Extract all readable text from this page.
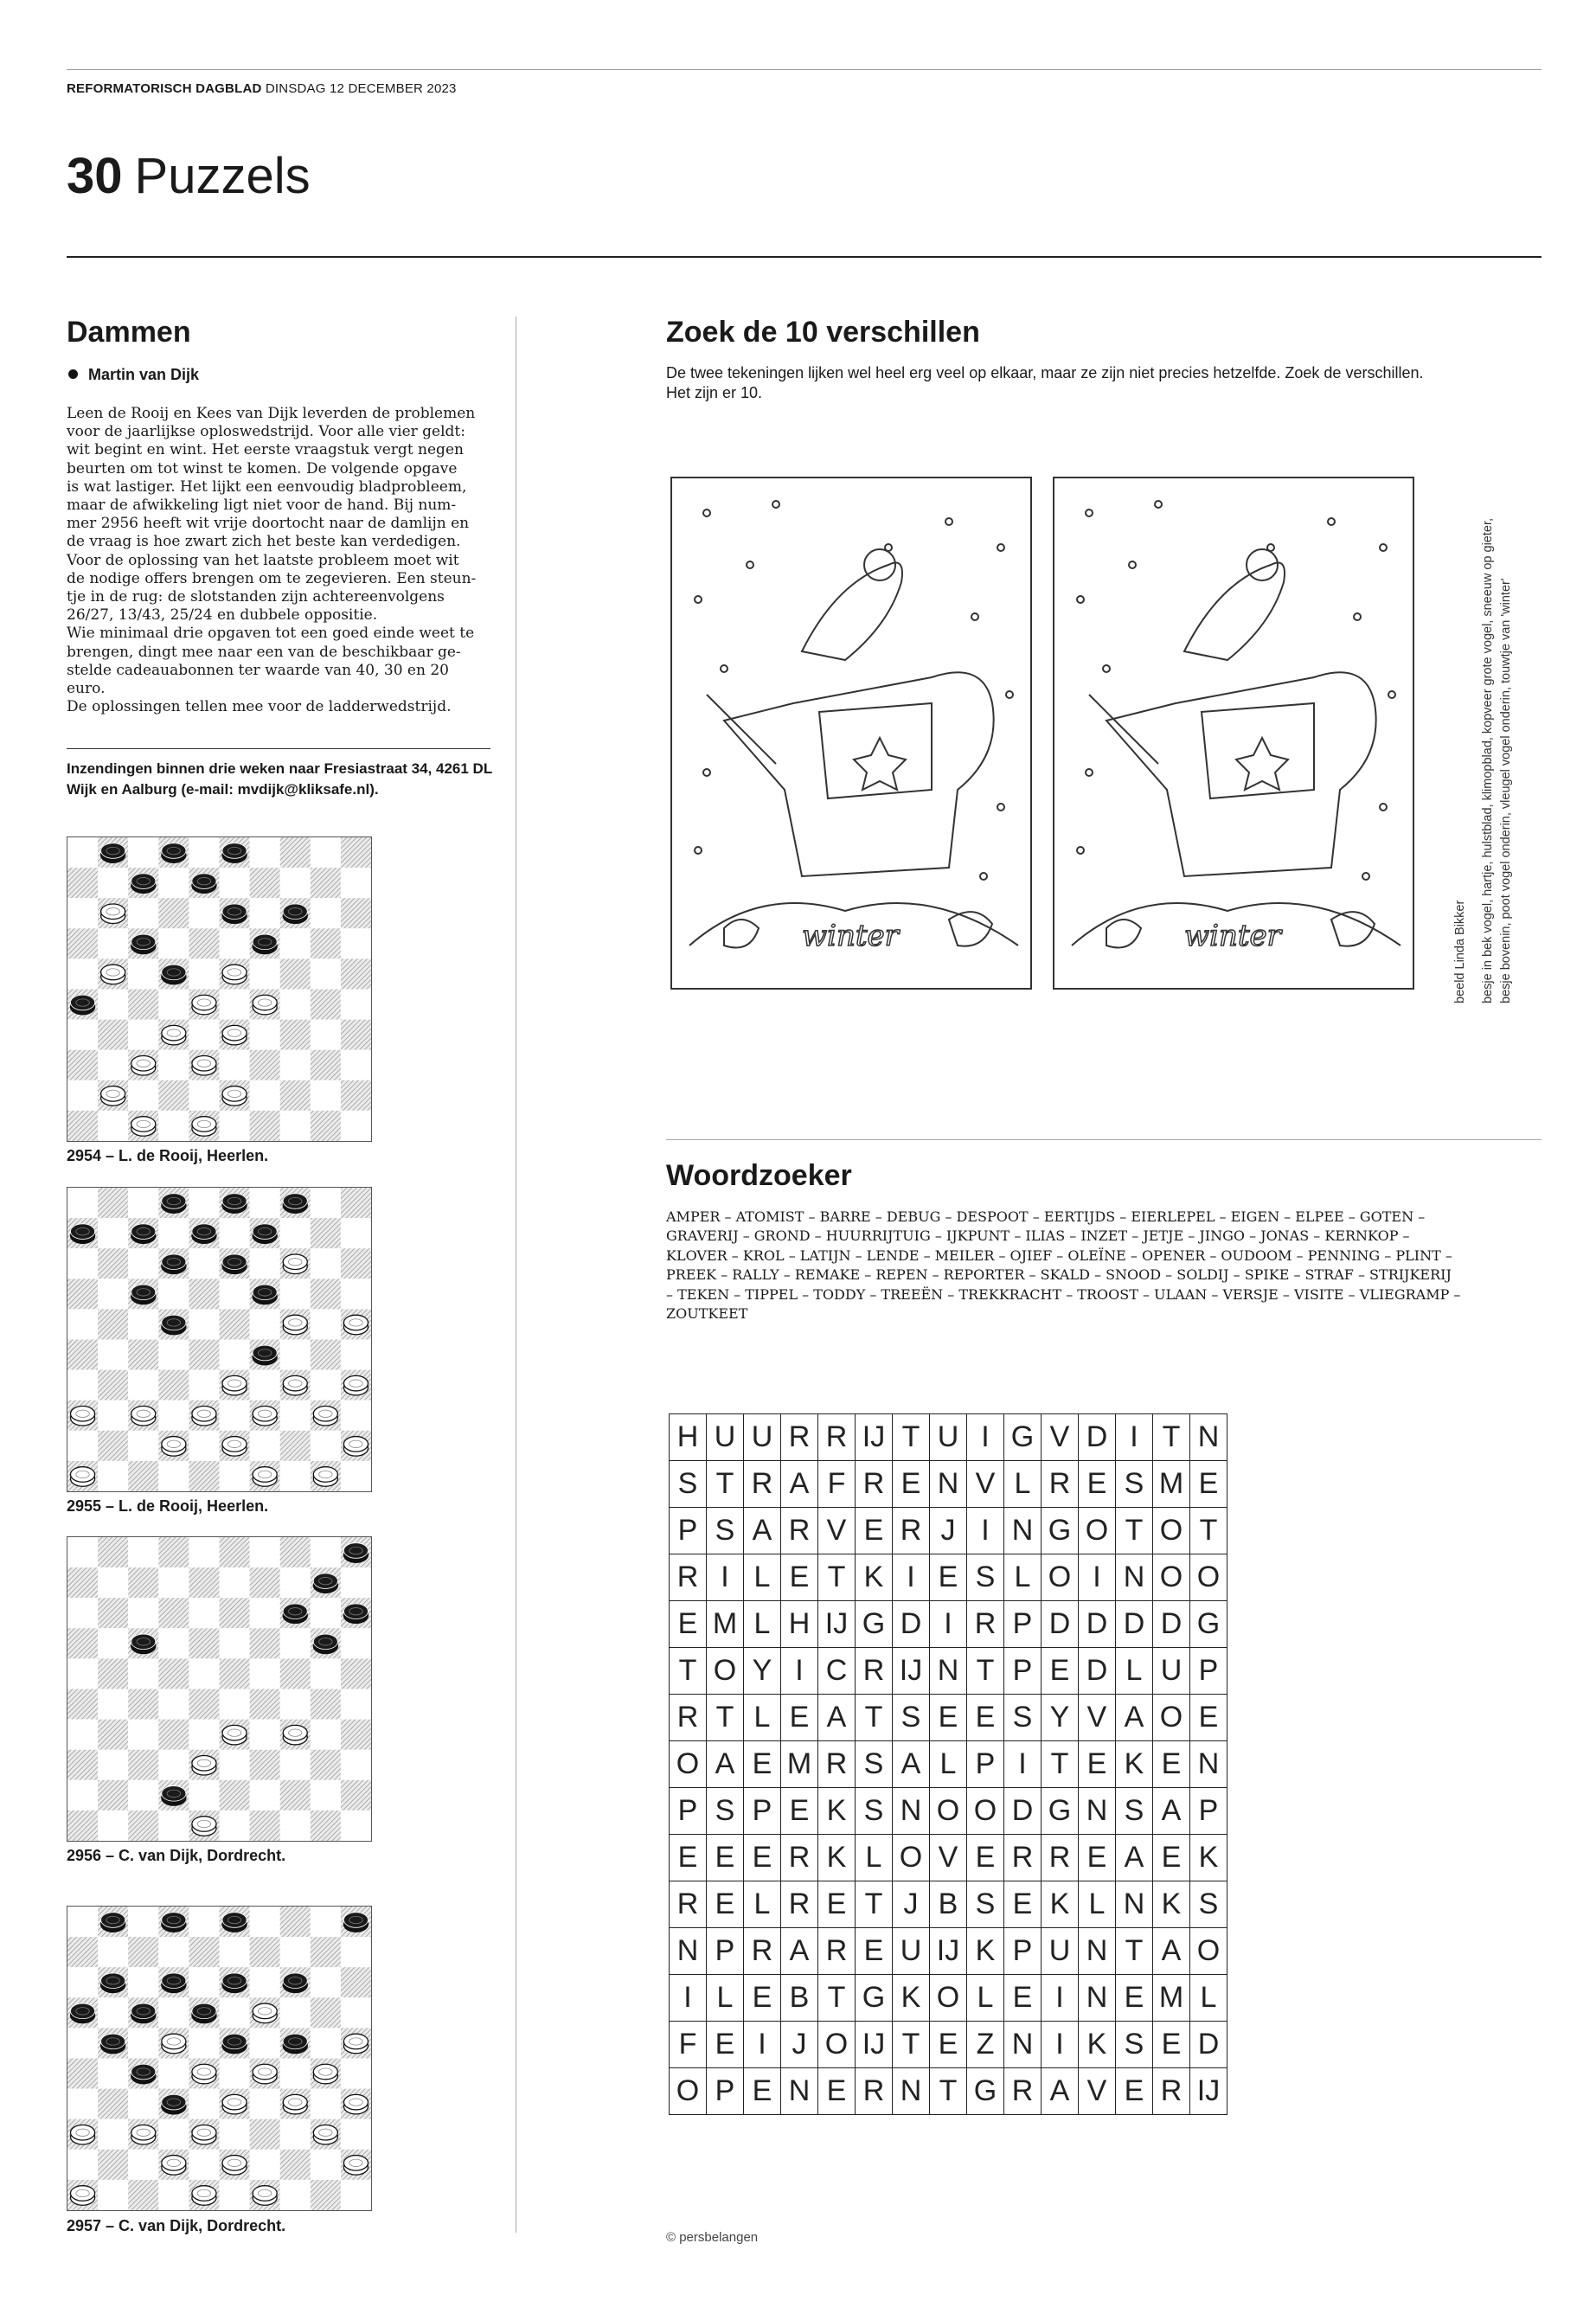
REFORMATORISCH DAGBLAD DINSDAG 12 DECEMBER 2023
30 Puzzels
Dammen
Martin van Dijk
Leen de Rooij en Kees van Dijk leverden de problemen
voor de jaarlijkse oploswedstrijd. Voor alle vier geldt:
wit begint en wint. Het eerste vraagstuk vergt negen
beurten om tot winst te komen. De volgende opgave
is wat lastiger. Het lijkt een eenvoudig bladprobleem,
maar de afwikkeling ligt niet voor de hand. Bij num-
mer 2956 heeft wit vrije doortocht naar de damlijn en
de vraag is hoe zwart zich het beste kan verdedigen.
Voor de oplossing van het laatste probleem moet wit
de nodige offers brengen om te zegevieren. Een steun-
tje in de rug: de slotstanden zijn achtereenvolgens
26/27, 13/43, 25/24 en dubbele oppositie.
Wie minimaal drie opgaven tot een goed einde weet te
brengen, dingt mee naar een van de beschikbaar ge-
stelde cadeauabonnen ter waarde van 40, 30 en 20 euro.
De oplossingen tellen mee voor de ladderwedstrijd.
Inzendingen binnen drie weken naar Fresiastraat 34, 4261 DL Wijk en Aalburg (e-mail: mvdijk@kliksafe.nl).
2954 – L. de Rooij, Heerlen.
2955 – L. de Rooij, Heerlen.
2956 – C. van Dijk, Dordrecht.
2957 – C. van Dijk, Dordrecht.
Zoek de 10 verschillen
De twee tekeningen lijken wel heel erg veel op elkaar, maar ze zijn niet precies hetzelfde. Zoek de verschillen. Het zijn er 10.
winter	winter	beeld Linda Bikker besje in bek vogel, hartje, hulstblad, klimopblad, kopveer grote vogel, sneeuw op gieter, besje bovenin, poot vogel onderin, vleugel vogel onderin, touwtje van 'winter'
Woordzoeker
AMPER – ATOMIST – BARRE – DEBUG – DESPOOT – EERTIJDS – EIERLEPEL – EIGEN – ELPEE – GOTEN – GRAVERIJ – GROND – HUURRIJTUIG – IJKPUNT – ILIAS – INZET – JETJE – JINGO – JONAS – KERNKOP – KLOVER – KROL – LATIJN – LENDE – MEILER – OJIEF – OLEÏNE – OPENER – OUDOOM – PENNING – PLINT – PREEK – RALLY – REMAKE – REPEN – REPORTER – SKALD – SNOOD – SOLDIJ – SPIKE – STRAF – STRIJKERIJ – TEKEN – TIPPEL – TODDY – TREEËN – TREKKRACHT – TROOST – ULAAN – VERSJE – VISITE – VLIEGRAMP – ZOUTKEET
H	U	U	R	R	IJ	T	U	I	G	V	D	I	T	N
S	T	R	A	F	R	E	N	V	L	R	E	S	M	E
P	S	A	R	V	E	R	J	I	N	G	O	T	O	T
R	I	L	E	T	K	I	E	S	L	O	I	N	O	O
E	M	L	H	IJ	G	D	I	R	P	D	D	D	D	G
T	O	Y	I	C	R	IJ	N	T	P	E	D	L	U	P
R	T	L	E	A	T	S	E	E	S	Y	V	A	O	E
O	A	E	M	R	S	A	L	P	I	T	E	K	E	N
P	S	P	E	K	S	N	O	O	D	G	N	S	A	P
E	E	E	R	K	L	O	V	E	R	R	E	A	E	K
R	E	L	R	E	T	J	B	S	E	K	L	N	K	S
N	P	R	A	R	E	U	IJ	K	P	U	N	T	A	O
I	L	E	B	T	G	K	O	L	E	I	N	E	M	L
F	E	I	J	O	IJ	T	E	Z	N	I	K	S	E	D
O	P	E	N	E	R	N	T	G	R	A	V	E	R	IJ
© persbelangen
